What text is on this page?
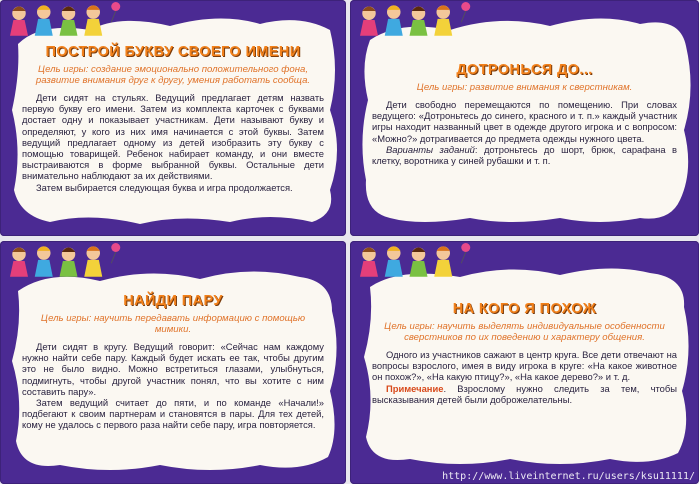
ПОСТРОЙ БУКВУ СВОЕГО ИМЕНИ
Цель игры: создание эмоционально положительного фона, развитие внимания друг к другу, умения работать сообща.

Дети сидят на стульях. Ведущий предлагает детям назвать первую букву его имени. Затем из комплекта карточек с буквами достает одну и показывает участникам. Дети называют букву и определяют, у кого из них имя начинается с этой буквы. Затем ведущий предлагает одному из детей изобразить эту букву с помощью товарищей. Ребенок набирает команду, и они вместе выстраиваются в форме выбранной буквы. Остальные дети внимательно наблюдают за их действиями.

Затем выбирается следующая буква и игра продолжается.

ДОТРОНЬСЯ ДО...
Цель игры: развитие внимания к сверстникам.

Дети свободно перемещаются по помещению. При словах ведущего: «Дотроньтесь до синего, красного и т. п.» каждый участник игры находит названный цвет в одежде другого игрока и с вопросом: «Можно?» дотрагивается до предмета одежды нужного цвета.

Варианты заданий: дотроньтесь до шорт, брюк, сарафана в клетку, воротника у синей рубашки и т. п.

НАЙДИ ПАРУ
Цель игры: научить передавать информацию с помощью мимики.

Дети сидят в кругу. Ведущий говорит: «Сейчас нам каждому нужно найти себе пару. Каждый будет искать ее так, чтобы другим это не было видно. Можно встретиться глазами, улыбнуться, подмигнуть, чтобы другой участник понял, что вы хотите с ним составить пару».

Затем ведущий считает до пяти, и по команде «Начали!» подбегают к своим партнерам и становятся в пары. Для тех детей, кому не удалось с первого раза найти себе пару, игра повторяется.

НА КОГО Я ПОХОЖ
Цель игры: научить выделять индивидуальные особенности сверстников по их поведению и характеру общения.

Одного из участников сажают в центр круга. Все дети отвечают на вопросы взрослого, имея в виду игрока в круге: «На какое животное он похож?», «На какую птицу?», «На какое дерево?» и т. д.

Примечание. Взрослому нужно следить за тем, чтобы высказывания детей были доброжелательны.

http://www.liveinternet.ru/users/ksu11111/
